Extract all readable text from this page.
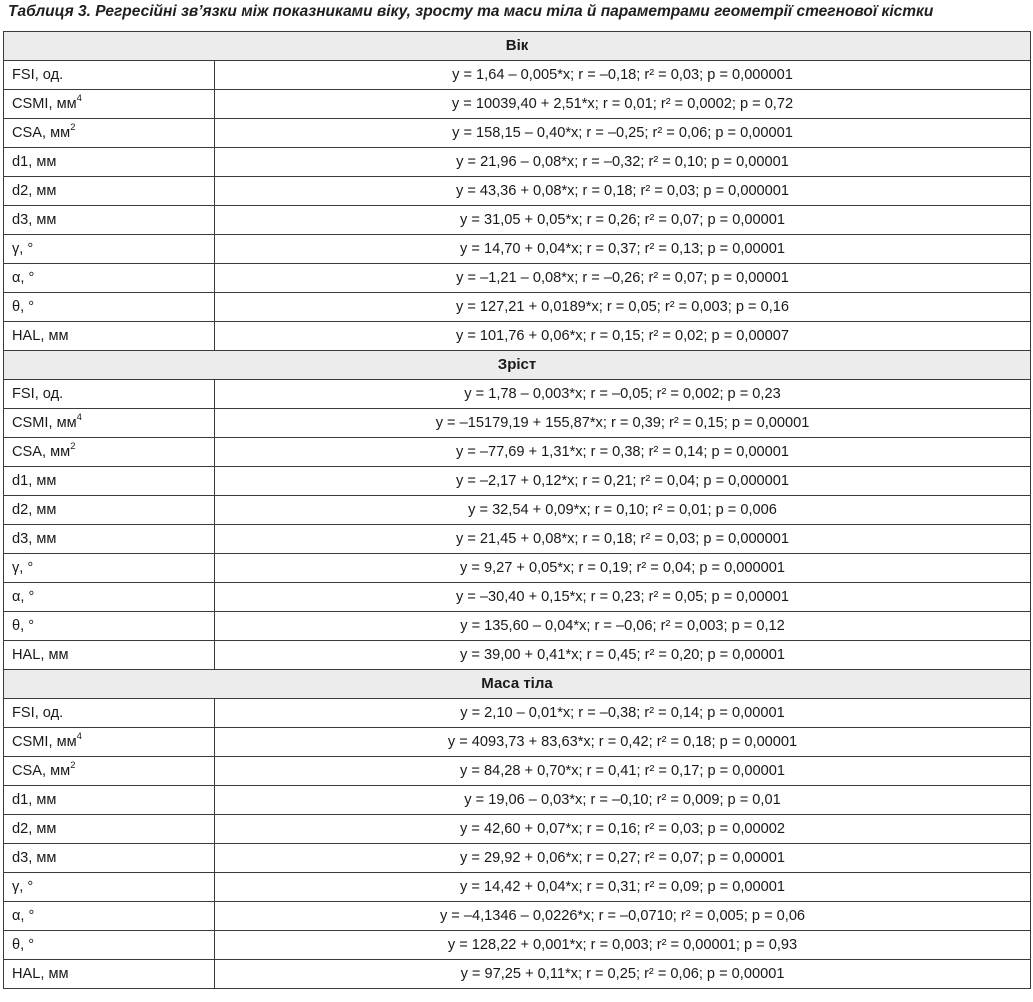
Таблиця 3. Регресійні зв’язки між показниками віку, зросту та маси тіла й параметрами геометрії стегнової кістки
Вік	
FSI, од.	y = 1,64 – 0,005*x; r = –0,18; r² = 0,03; p = 0,000001
CSMI, $мм^4$	y = 10039,40 + 2,51*x; r = 0,01; r² = 0,0002; p = 0,72
CSA, $мм^2$	y = 158,15 – 0,40*x; r = –0,25; r² = 0,06; p = 0,00001
d1, мм	y = 21,96 – 0,08*x; r = –0,32; r² = 0,10; p = 0,00001
d2, мм	y = 43,36 + 0,08*x; r = 0,18; r² = 0,03; p = 0,000001
d3, мм	y = 31,05 + 0,05*x; r = 0,26; r² = 0,07; p = 0,00001
γ, °	y = 14,70 + 0,04*x; r = 0,37; r² = 0,13; p = 0,00001
α, °	y = –1,21 – 0,08*x; r = –0,26; r² = 0,07; p = 0,00001
θ, °	y = 127,21 + 0,0189*x; r = 0,05; r² = 0,003; p = 0,16
HAL, мм	y = 101,76 + 0,06*x; r = 0,15; r² = 0,02; p = 0,00007
Зріст	
FSI, од.	y = 1,78 – 0,003*x; r = –0,05; r² = 0,002; p = 0,23
CSMI, $мм^4$	y = –15179,19 + 155,87*x; r = 0,39; r² = 0,15; p = 0,00001
CSA, $мм^2$	y = –77,69 + 1,31*x; r = 0,38; r² = 0,14; p = 0,00001
d1, мм	y = –2,17 + 0,12*x; r = 0,21; r² = 0,04; p = 0,000001
d2, мм	y = 32,54 + 0,09*x; r = 0,10; r² = 0,01; p = 0,006
d3, мм	y = 21,45 + 0,08*x; r = 0,18; r² = 0,03; p = 0,000001
γ, °	y = 9,27 + 0,05*x; r = 0,19; r² = 0,04; p = 0,000001
α, °	y = –30,40 + 0,15*x; r = 0,23; r² = 0,05; p = 0,00001
θ, °	y = 135,60 – 0,04*x; r = –0,06; r² = 0,003; p = 0,12
HAL, мм	y = 39,00 + 0,41*x; r = 0,45; r² = 0,20; p = 0,00001
Маса тіла	
FSI, од.	y = 2,10 – 0,01*x; r = –0,38; r² = 0,14; p = 0,00001
CSMI, $мм^4$	y = 4093,73 + 83,63*x; r = 0,42; r² = 0,18; p = 0,00001
CSA, $мм^2$	y = 84,28 + 0,70*x; r = 0,41; r² = 0,17; p = 0,00001
d1, мм	y = 19,06 – 0,03*x; r = –0,10; r² = 0,009; p = 0,01
d2, мм	y = 42,60 + 0,07*x; r = 0,16; r² = 0,03; p = 0,00002
d3, мм	y = 29,92 + 0,06*x; r = 0,27; r² = 0,07; p = 0,00001
γ, °	y = 14,42 + 0,04*x; r = 0,31; r² = 0,09; p = 0,00001
α, °	y = –4,1346 – 0,0226*x; r = –0,0710; r² = 0,005; p = 0,06
θ, °	y = 128,22 + 0,001*x; r = 0,003; r² = 0,00001; p = 0,93
HAL, мм	y = 97,25 + 0,11*x; r = 0,25; r² = 0,06; p = 0,00001
